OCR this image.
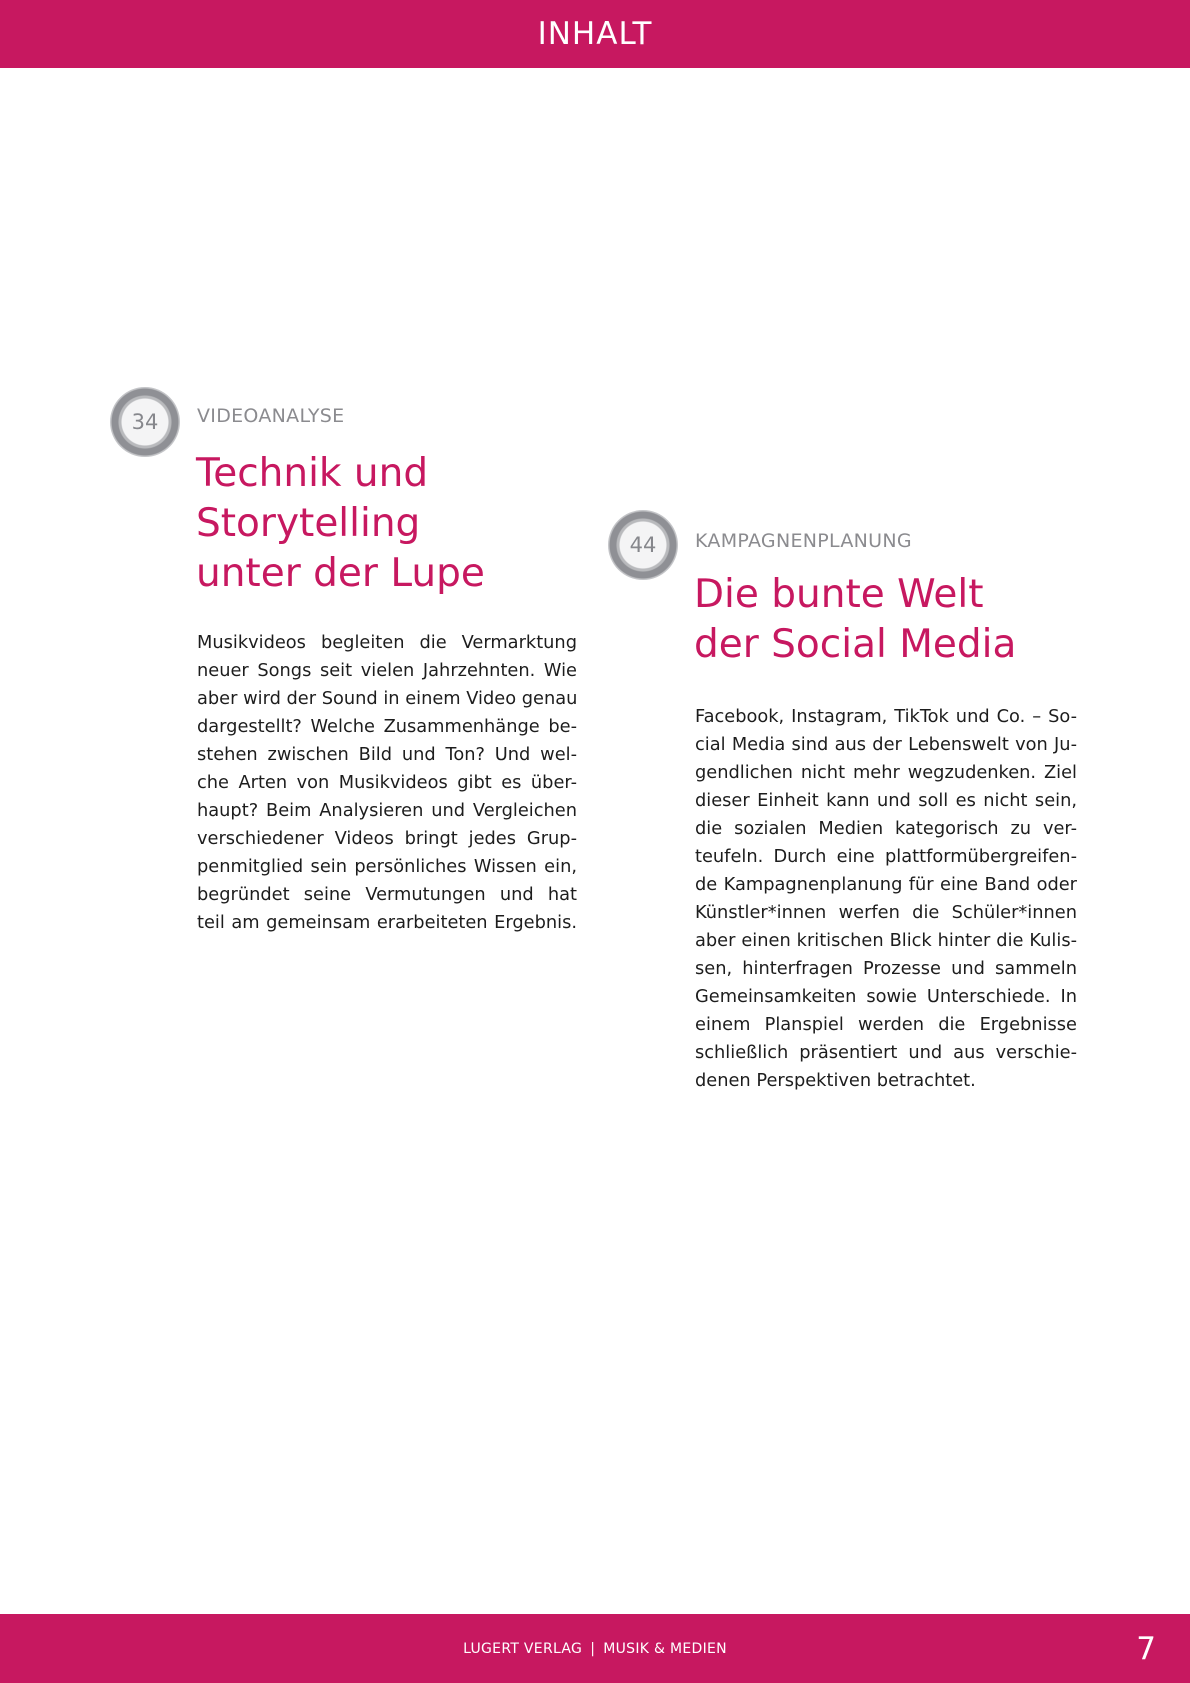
INHALT
34 VIDEOANALYSE
Technik und
Storytelling
unter der Lupe
Musikvideos begleiten die Vermarktung
neuer Songs seit vielen Jahrzehnten. Wie
aber wird der Sound in einem Video genau
dargestellt? Welche Zusammenhänge be-
stehen zwischen Bild und Ton? Und wel-
che Arten von Musikvideos gibt es über-
haupt? Beim Analysieren und Vergleichen
verschiedener Videos bringt jedes Grup-
penmitglied sein persönliches Wissen ein,
begründet seine Vermutungen und hat
teil am gemeinsam erarbeiteten Ergebnis.
44 KAMPAGNENPLANUNG
Die bunte Welt
der Social Media
Facebook, Instagram, TikTok und Co. – So-
cial Media sind aus der Lebenswelt von Ju-
gendlichen nicht mehr wegzudenken. Ziel
dieser Einheit kann und soll es nicht sein,
die sozialen Medien kategorisch zu ver-
teufeln. Durch eine plattformübergreifen-
de Kampagnenplanung für eine Band oder
Künstler*innen werfen die Schüler*innen
aber einen kritischen Blick hinter die Kulis-
sen, hinterfragen Prozesse und sammeln
Gemeinsamkeiten sowie Unterschiede. In
einem Planspiel werden die Ergebnisse
schließlich präsentiert und aus verschie-
denen Perspektiven betrachtet.
LUGERT VERLAG | MUSIK & MEDIEN	7
